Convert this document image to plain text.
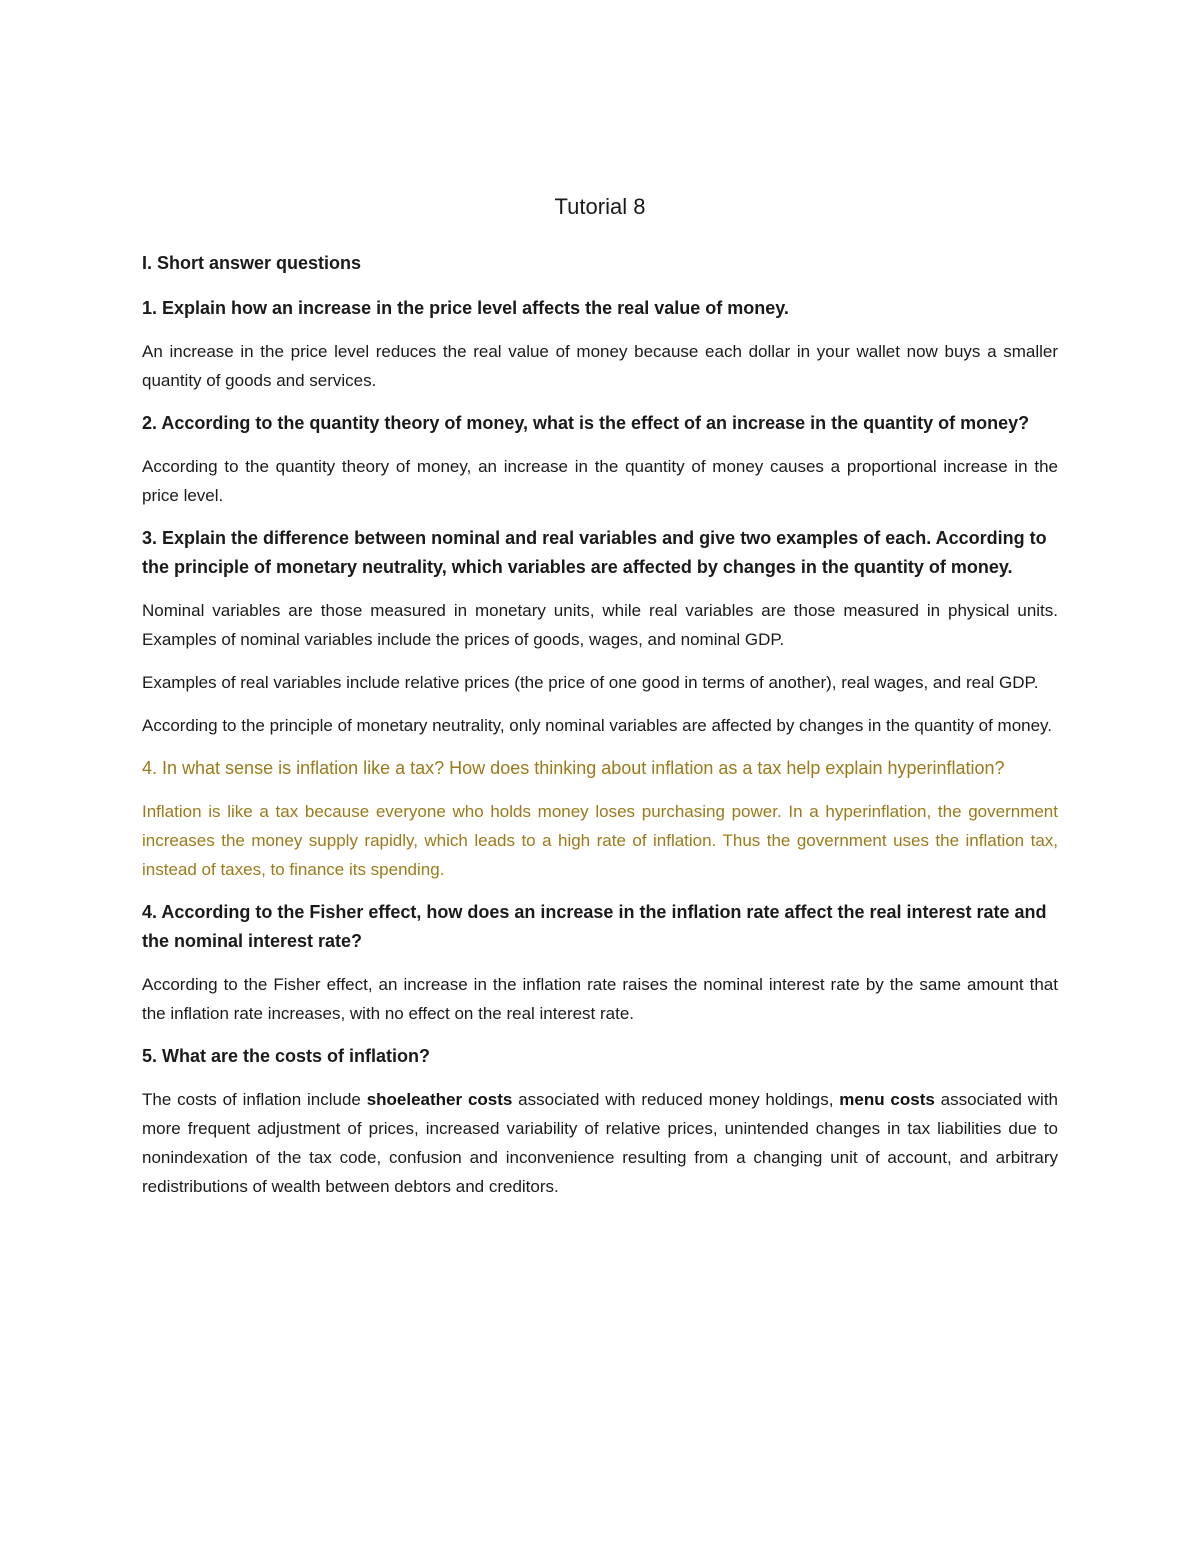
Tutorial 8
I. Short answer questions
1. Explain how an increase in the price level affects the real value of money.
An increase in the price level reduces the real value of money because each dollar in your wallet now buys a smaller quantity of goods and services.
2. According to the quantity theory of money, what is the effect of an increase in the quantity of money?
According to the quantity theory of money, an increase in the quantity of money causes a proportional increase in the price level.
3. Explain the difference between nominal and real variables and give two examples of each. According to the principle of monetary neutrality, which variables are affected by changes in the quantity of money.
Nominal variables are those measured in monetary units, while real variables are those measured in physical units. Examples of nominal variables include the prices of goods, wages, and nominal GDP.
Examples of real variables include relative prices (the price of one good in terms of another), real wages, and real GDP.
According to the principle of monetary neutrality, only nominal variables are affected by changes in the quantity of money.
4. In what sense is inflation like a tax? How does thinking about inflation as a tax help explain hyperinflation?
Inflation is like a tax because everyone who holds money loses purchasing power. In a hyperinflation, the government increases the money supply rapidly, which leads to a high rate of inflation. Thus the government uses the inflation tax, instead of taxes, to finance its spending.
4. According to the Fisher effect, how does an increase in the inflation rate affect the real interest rate and the nominal interest rate?
According to the Fisher effect, an increase in the inflation rate raises the nominal interest rate by the same amount that the inflation rate increases, with no effect on the real interest rate.
5. What are the costs of inflation?
The costs of inflation include shoeleather costs associated with reduced money holdings, menu costs associated with more frequent adjustment of prices, increased variability of relative prices, unintended changes in tax liabilities due to nonindexation of the tax code, confusion and inconvenience resulting from a changing unit of account, and arbitrary redistributions of wealth between debtors and creditors.
